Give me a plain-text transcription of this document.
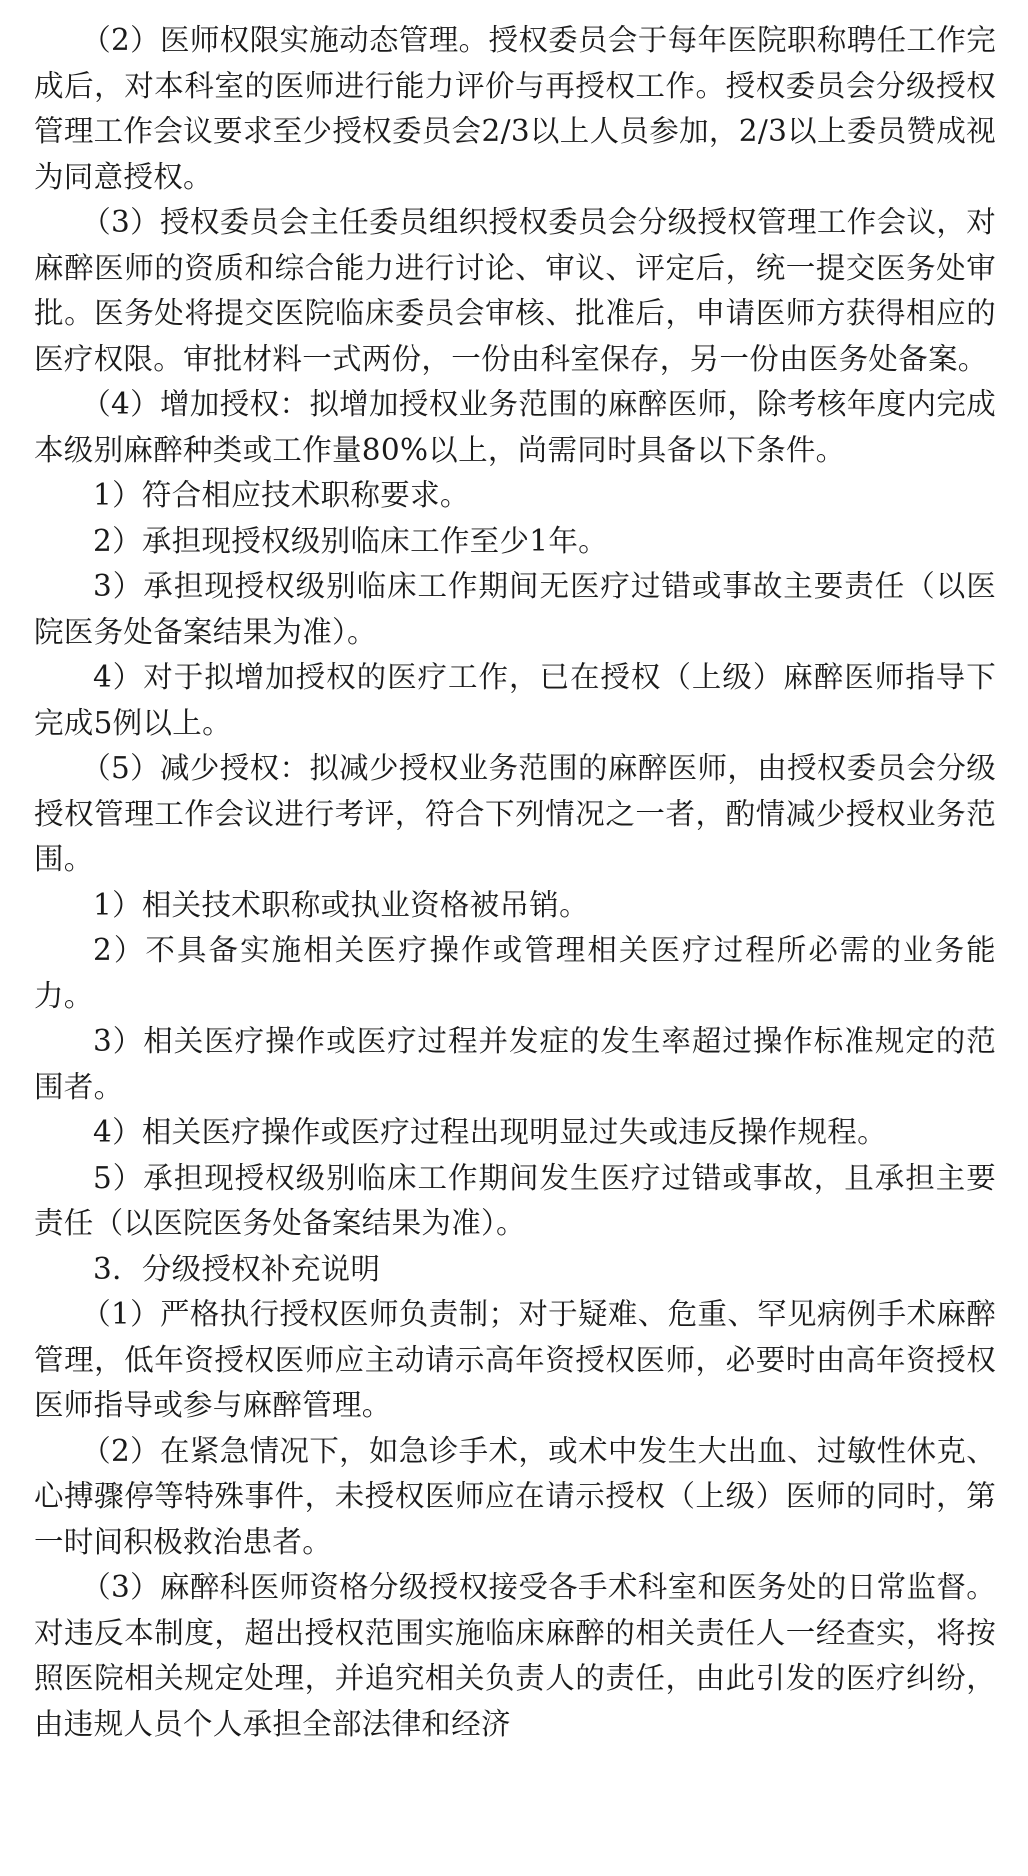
（2）医师权限实施动态管理。授权委员会于每年医院职称聘任工作完成后，对本科室的医师进行能力评价与再授权工作。授权委员会分级授权管理工作会议要求至少授权委员会2/3以上人员参加，2/3以上委员赞成视为同意授权。

（3）授权委员会主任委员组织授权委员会分级授权管理工作会议，对麻醉医师的资质和综合能力进行讨论、审议、评定后，统一提交医务处审批。医务处将提交医院临床委员会审核、批准后，申请医师方获得相应的医疗权限。审批材料一式两份，一份由科室保存，另一份由医务处备案。

（4）增加授权：拟增加授权业务范围的麻醉医师，除考核年度内完成本级别麻醉种类或工作量80%以上，尚需同时具备以下条件。

1）符合相应技术职称要求。

2）承担现授权级别临床工作至少1年。

3）承担现授权级别临床工作期间无医疗过错或事故主要责任（以医院医务处备案结果为准）。

4）对于拟增加授权的医疗工作，已在授权（上级）麻醉医师指导下完成5例以上。

（5）减少授权：拟减少授权业务范围的麻醉医师，由授权委员会分级授权管理工作会议进行考评，符合下列情况之一者，酌情减少授权业务范围。

1）相关技术职称或执业资格被吊销。

2）不具备实施相关医疗操作或管理相关医疗过程所必需的业务能力。

3）相关医疗操作或医疗过程并发症的发生率超过操作标准规定的范围者。

4）相关医疗操作或医疗过程出现明显过失或违反操作规程。

5）承担现授权级别临床工作期间发生医疗过错或事故，且承担主要责任（以医院医务处备案结果为准）。

3．分级授权补充说明

（1）严格执行授权医师负责制；对于疑难、危重、罕见病例手术麻醉管理，低年资授权医师应主动请示高年资授权医师，必要时由高年资授权医师指导或参与麻醉管理。

（2）在紧急情况下，如急诊手术，或术中发生大出血、过敏性休克、心搏骤停等特殊事件，未授权医师应在请示授权（上级）医师的同时，第一时间积极救治患者。

（3）麻醉科医师资格分级授权接受各手术科室和医务处的日常监督。对违反本制度，超出授权范围实施临床麻醉的相关责任人一经查实，将按照医院相关规定处理，并追究相关负责人的责任，由此引发的医疗纠纷，由违规人员个人承担全部法律和经济
